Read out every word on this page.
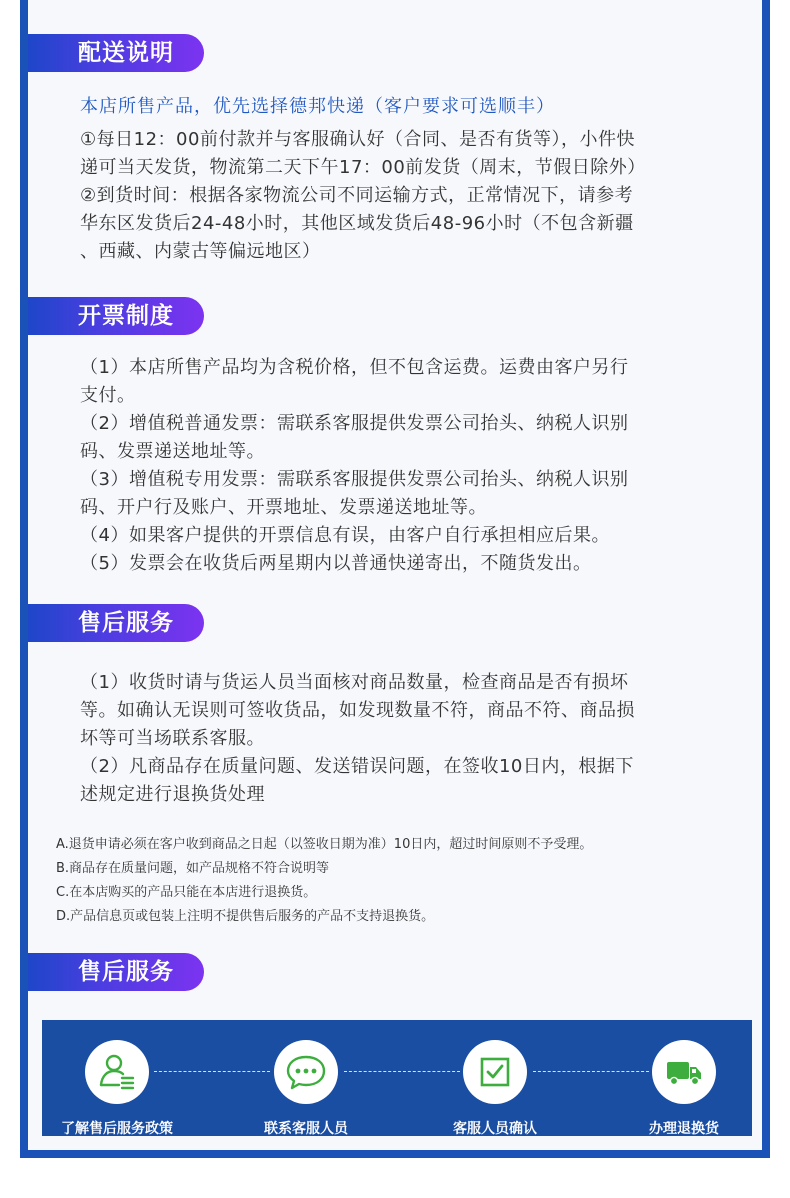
配送说明
本店所售产品，优先选择德邦快递（客户要求可选顺丰）
①每日12：00前付款并与客服确认好（合同、是否有货等），小件快
递可当天发货，物流第二天下午17：00前发货（周末，节假日除外）
②到货时间：根据各家物流公司不同运输方式，正常情况下，请参考
华东区发货后24-48小时，其他区域发货后48-96小时（不包含新疆
、西藏、内蒙古等偏远地区）
开票制度
（1）本店所售产品均为含税价格，但不包含运费。运费由客户另行
支付。
（2）增值税普通发票：需联系客服提供发票公司抬头、纳税人识别
码、发票递送地址等。
（3）增值税专用发票：需联系客服提供发票公司抬头、纳税人识别
码、开户行及账户、开票地址、发票递送地址等。
（4）如果客户提供的开票信息有误，由客户自行承担相应后果。
（5）发票会在收货后两星期内以普通快递寄出，不随货发出。
售后服务
（1）收货时请与货运人员当面核对商品数量，检查商品是否有损坏
等。如确认无误则可签收货品，如发现数量不符，商品不符、商品损
坏等可当场联系客服。
（2）凡商品存在质量问题、发送错误问题，在签收10日内，根据下
述规定进行退换货处理
A.退货申请必须在客户收到商品之日起（以签收日期为准）10日内，超过时间原则不予受理。
B.商品存在质量问题，如产品规格不符合说明等
C.在本店购买的产品只能在本店进行退换货。
D.产品信息页或包装上注明不提供售后服务的产品不支持退换货。
售后服务
了解售后服务政策	联系客服人员	客服人员确认	办理退换货
